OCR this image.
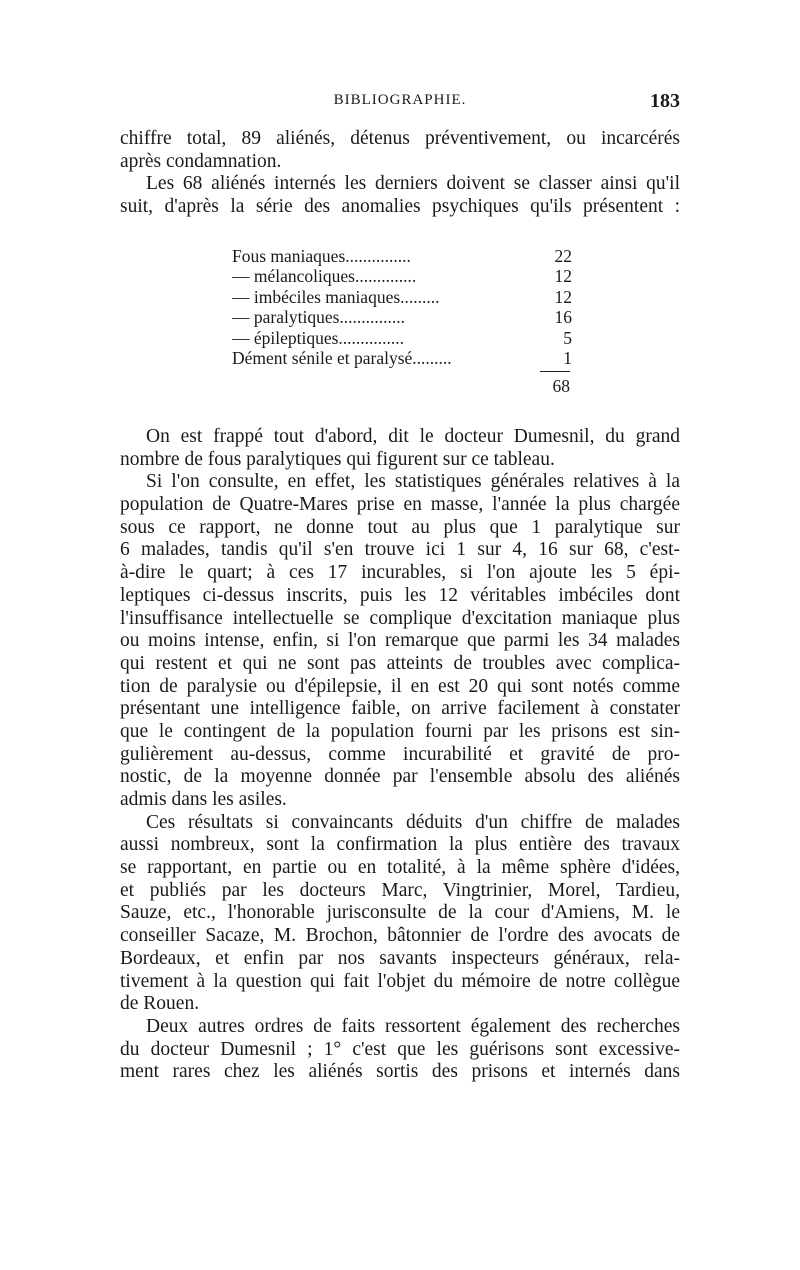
BIBLIOGRAPHIE.	183
chiffre total, 89 aliénés, détenus préventivement, ou incarcérés
après condamnation.
Les 68 aliénés internés les derniers doivent se classer ainsi qu'il
suit, d'après la série des anomalies psychiques qu'ils présentent :
Fous maniaques...............	22
— mélancoliques..............	12
— imbéciles maniaques.........	12
— paralytiques...............	16
— épileptiques...............	5
Dément sénile et paralysé.........	1
68
On est frappé tout d'abord, dit le docteur Dumesnil, du grand
nombre de fous paralytiques qui figurent sur ce tableau.
Si l'on consulte, en effet, les statistiques générales relatives à la
population de Quatre-Mares prise en masse, l'année la plus chargée
sous ce rapport, ne donne tout au plus que 1 paralytique sur
6 malades, tandis qu'il s'en trouve ici 1 sur 4, 16 sur 68, c'est-
à-dire le quart; à ces 17 incurables, si l'on ajoute les 5 épi-
leptiques ci-dessus inscrits, puis les 12 véritables imbéciles dont
l'insuffisance intellectuelle se complique d'excitation maniaque plus
ou moins intense, enfin, si l'on remarque que parmi les 34 malades
qui restent et qui ne sont pas atteints de troubles avec complica-
tion de paralysie ou d'épilepsie, il en est 20 qui sont notés comme
présentant une intelligence faible, on arrive facilement à constater
que le contingent de la population fourni par les prisons est sin-
gulièrement au-dessus, comme incurabilité et gravité de pro-
nostic, de la moyenne donnée par l'ensemble absolu des aliénés
admis dans les asiles.
Ces résultats si convaincants déduits d'un chiffre de malades
aussi nombreux, sont la confirmation la plus entière des travaux
se rapportant, en partie ou en totalité, à la même sphère d'idées,
et publiés par les docteurs Marc, Vingtrinier, Morel, Tardieu,
Sauze, etc., l'honorable jurisconsulte de la cour d'Amiens, M. le
conseiller Sacaze, M. Brochon, bâtonnier de l'ordre des avocats de
Bordeaux, et enfin par nos savants inspecteurs généraux, rela-
tivement à la question qui fait l'objet du mémoire de notre collègue
de Rouen.
Deux autres ordres de faits ressortent également des recherches
du docteur Dumesnil ; 1° c'est que les guérisons sont excessive-
ment rares chez les aliénés sortis des prisons et internés dans
